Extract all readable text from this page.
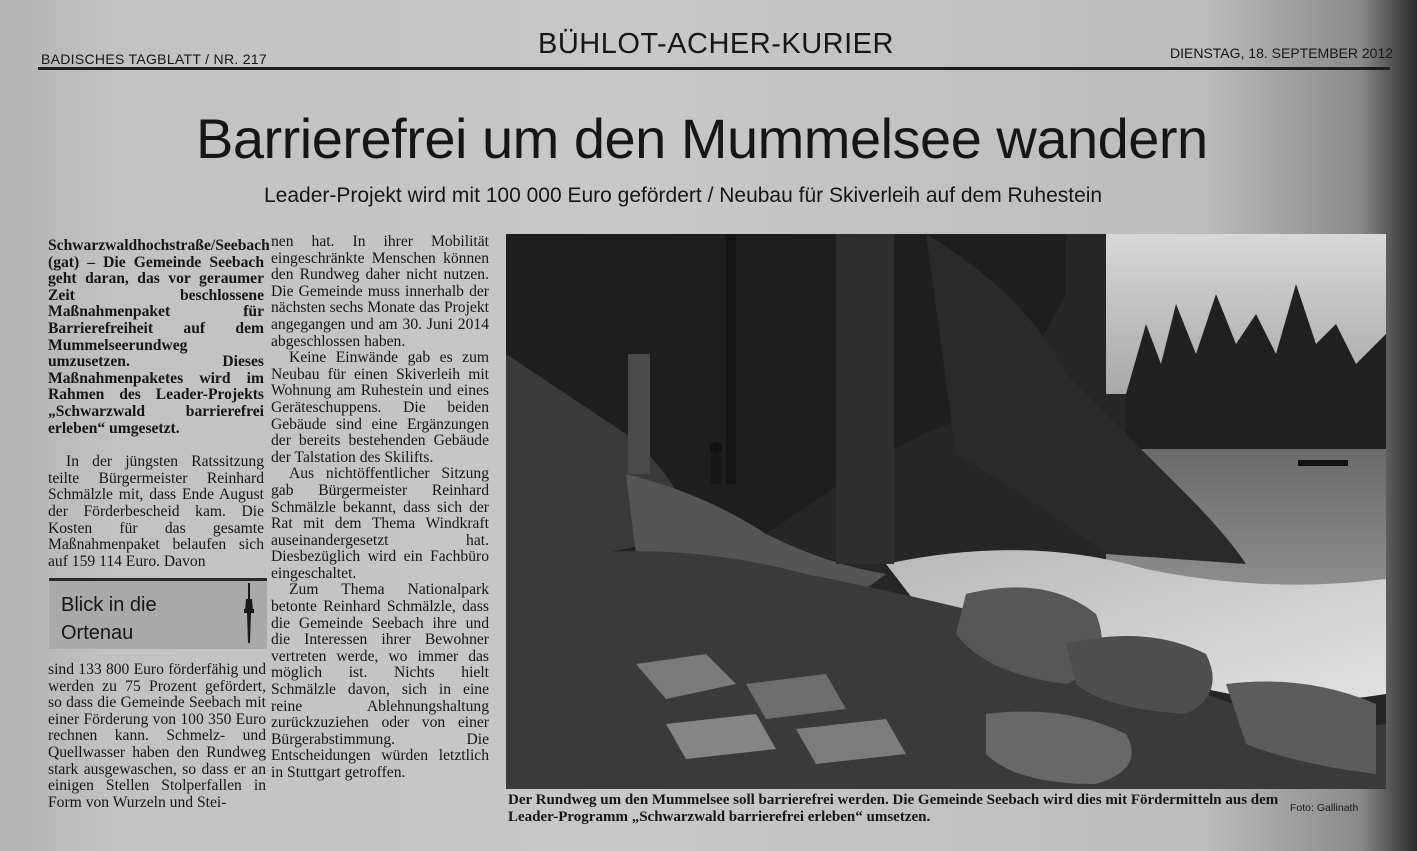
BADISCHES TAGBLATT / NR. 217	BÜHLOT-ACHER-KURIER	DIENSTAG, 18. SEPTEMBER 2012
Barrierefrei um den Mummelsee wandern
Leader-Projekt wird mit 100 000 Euro gefördert / Neubau für Skiverleih auf dem Ruhestein

Schwarzwaldhochstraße/Seebach (gat) – Die Gemeinde Seebach geht daran, das vor geraumer Zeit beschlossene Maßnahmenpaket für Barrierefreiheit auf dem Mummelseerundweg umzusetzen. Dieses Maßnahmenpaketes wird im Rahmen des Leader-Projekts „Schwarzwald barrierefrei erleben“ umgesetzt.

In der jüngsten Ratssitzung teilte Bürgermeister Reinhard Schmälzle mit, dass Ende August der Förderbescheid kam. Die Kosten für das gesamte Maßnahmenpaket belaufen sich auf 159 114 Euro. Davon

Blick in die Ortenau

sind 133 800 Euro förderfähig und werden zu 75 Prozent gefördert, so dass die Gemeinde Seebach mit einer Förderung von 100 350 Euro rechnen kann. Schmelz- und Quellwasser haben den Rundweg stark ausgewaschen, so dass er an einigen Stellen Stolperfallen in Form von Wurzeln und Stei-

nen hat. In ihrer Mobilität eingeschränkte Menschen können den Rundweg daher nicht nutzen. Die Gemeinde muss innerhalb der nächsten sechs Monate das Projekt angegangen und am 30. Juni 2014 abgeschlossen haben.

Keine Einwände gab es zum Neubau für einen Skiverleih mit Wohnung am Ruhestein und eines Geräteschuppens. Die beiden Gebäude sind eine Ergänzungen der bereits bestehenden Gebäude der Talstation des Skilifts.

Aus nichtöffentlicher Sitzung gab Bürgermeister Reinhard Schmälzle bekannt, dass sich der Rat mit dem Thema Windkraft auseinandergesetzt hat. Diesbezüglich wird ein Fachbüro eingeschaltet.

Zum Thema Nationalpark betonte Reinhard Schmälzle, dass die Gemeinde Seebach ihre und die Interessen ihrer Bewohner vertreten werde, wo immer das möglich ist. Nichts hielt Schmälzle davon, sich in eine reine Ablehnungshaltung zurückzuziehen oder von einer Bürgerabstimmung. Die Entscheidungen würden letztlich in Stuttgart getroffen.

Der Rundweg um den Mummelsee soll barrierefrei werden. Die Gemeinde Seebach wird dies mit Fördermitteln aus dem Leader-Programm „Schwarzwald barrierefrei erleben“ umsetzen.
Foto: Gallinath
